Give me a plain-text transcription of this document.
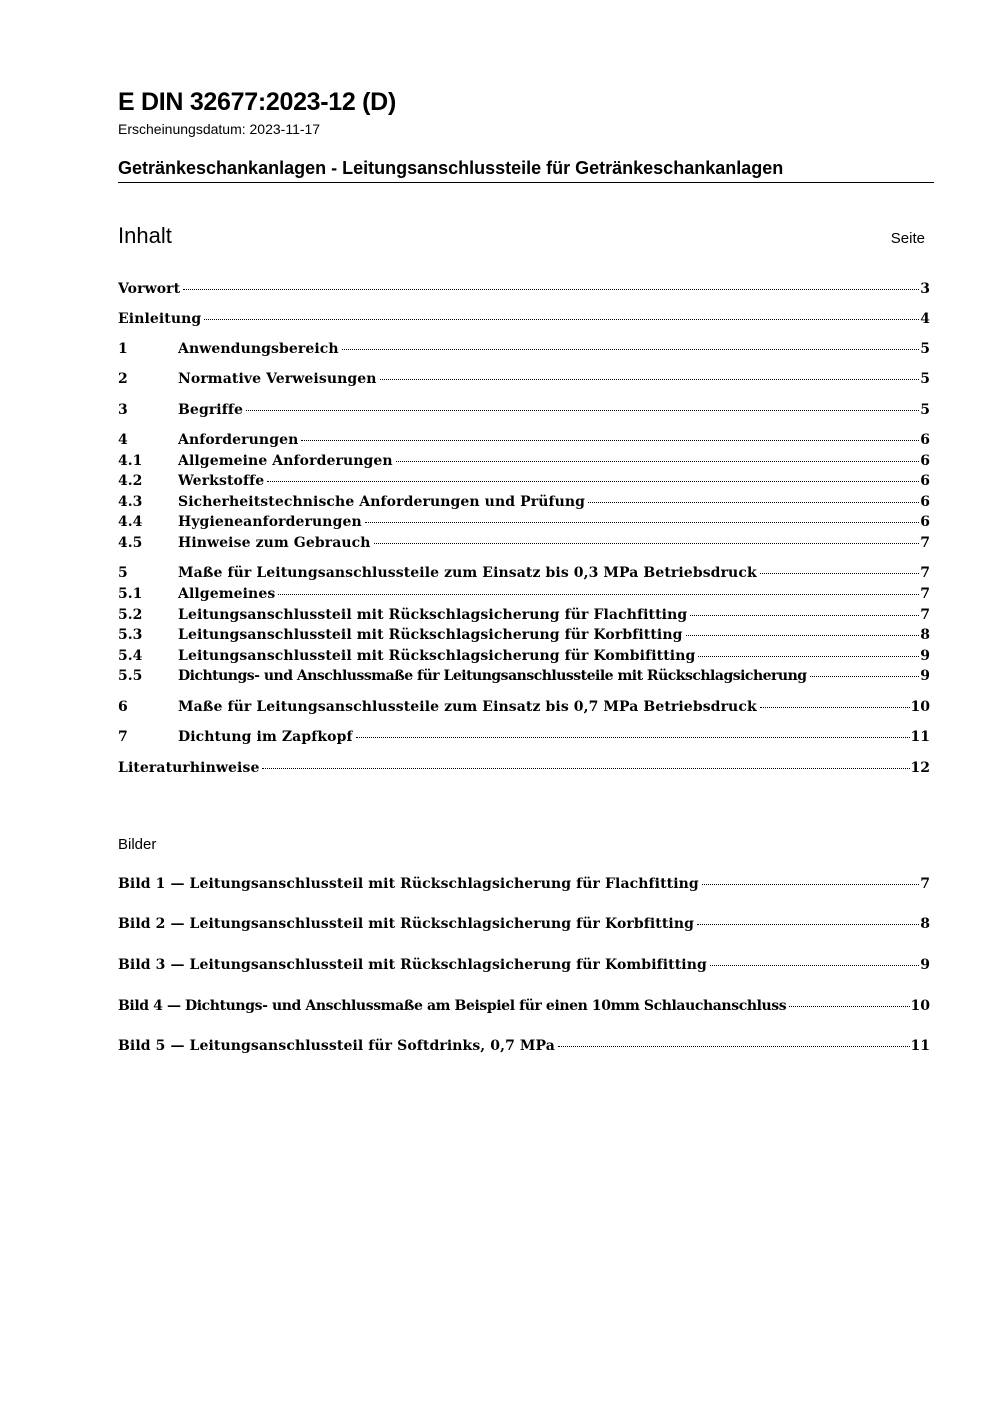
E DIN 32677:2023-12 (D)
Erscheinungsdatum: 2023-11-17
Getränkeschankanlagen - Leitungsanschlussteile für Getränkeschankanlagen
Inhalt	Seite
Vorwort	3
Einleitung	4
1	Anwendungsbereich	5
2	Normative Verweisungen	5
3	Begriffe	5
4	Anforderungen	6
4.1	Allgemeine Anforderungen	6
4.2	Werkstoffe	6
4.3	Sicherheitstechnische Anforderungen und Prüfung	6
4.4	Hygieneanforderungen	6
4.5	Hinweise zum Gebrauch	7
5	Maße für Leitungsanschlussteile zum Einsatz bis 0,3 MPa Betriebsdruck	7
5.1	Allgemeines	7
5.2	Leitungsanschlussteil mit Rückschlagsicherung für Flachfitting	7
5.3	Leitungsanschlussteil mit Rückschlagsicherung für Korbfitting	8
5.4	Leitungsanschlussteil mit Rückschlagsicherung für Kombifitting	9
5.5	Dichtungs- und Anschlussmaße für Leitungsanschlussteile mit Rückschlagsicherung	9
6	Maße für Leitungsanschlussteile zum Einsatz bis 0,7 MPa Betriebsdruck	10
7	Dichtung im Zapfkopf	11
Literaturhinweise	12
Bilder
Bild 1 — Leitungsanschlussteil mit Rückschlagsicherung für Flachfitting	7
Bild 2 — Leitungsanschlussteil mit Rückschlagsicherung für Korbfitting	8
Bild 3 — Leitungsanschlussteil mit Rückschlagsicherung für Kombifitting	9
Bild 4 — Dichtungs- und Anschlussmaße am Beispiel für einen 10mm Schlauchanschluss	10
Bild 5 — Leitungsanschlussteil für Softdrinks, 0,7 MPa	11
